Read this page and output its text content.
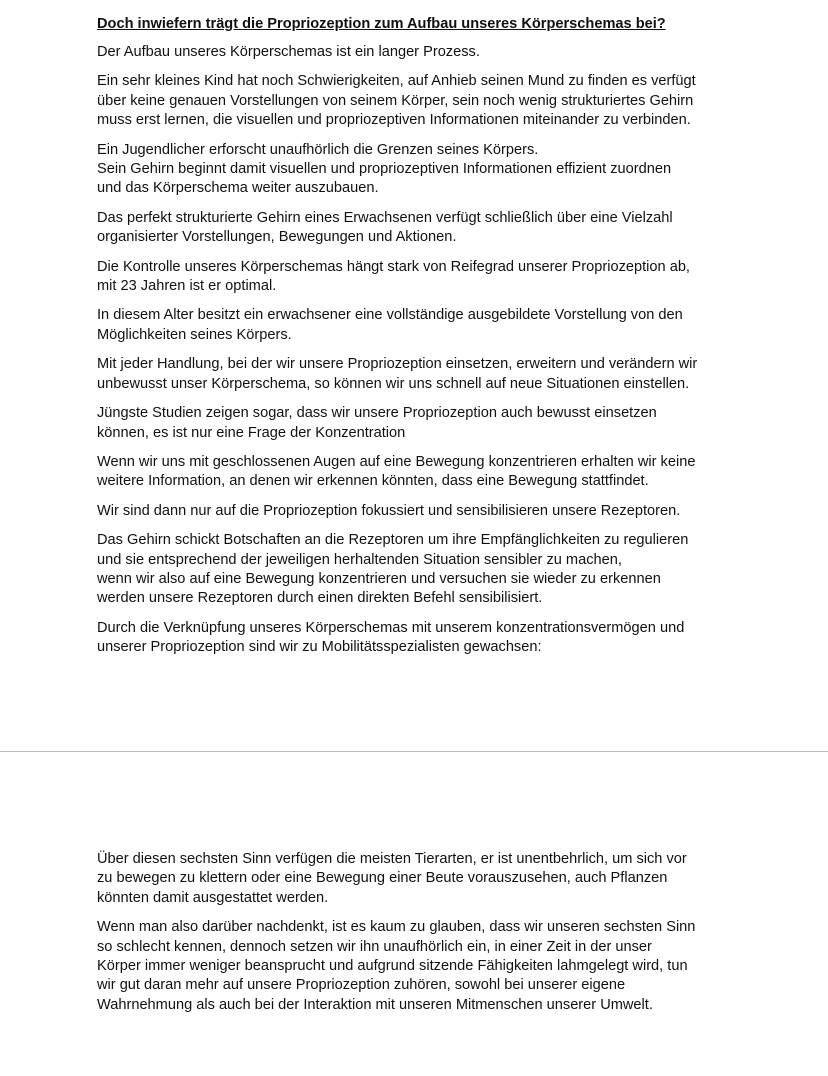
Doch inwiefern trägt die Propriozeption zum Aufbau unseres Körperschemas bei?
Der Aufbau unseres Körperschemas ist ein langer Prozess.
Ein sehr kleines Kind hat noch Schwierigkeiten, auf Anhieb seinen Mund zu finden es verfügt
über keine genauen Vorstellungen von seinem Körper, sein noch wenig strukturiertes Gehirn
muss erst lernen, die visuellen und propriozeptiven Informationen miteinander zu verbinden.
Ein Jugendlicher erforscht unaufhörlich die Grenzen seines Körpers.
Sein Gehirn beginnt damit visuellen und propriozeptiven Informationen effizient zuordnen
und das Körperschema weiter auszubauen.
Das perfekt strukturierte Gehirn eines Erwachsenen verfügt schließlich über eine Vielzahl
organisierter Vorstellungen, Bewegungen und Aktionen.
Die Kontrolle unseres Körperschemas hängt stark von Reifegrad unserer Propriozeption ab,
mit 23 Jahren ist er optimal.
In diesem Alter besitzt ein erwachsener eine vollständige ausgebildete Vorstellung von den
Möglichkeiten seines Körpers.
Mit jeder Handlung, bei der wir unsere Propriozeption einsetzen, erweitern und verändern wir
unbewusst unser Körperschema, so können wir uns schnell auf neue Situationen einstellen.
Jüngste Studien zeigen sogar, dass wir unsere Propriozeption auch bewusst einsetzen
können, es ist nur eine Frage der Konzentration
Wenn wir uns mit geschlossenen Augen auf eine Bewegung konzentrieren erhalten wir keine
weitere Information, an denen wir erkennen könnten, dass eine Bewegung stattfindet.
Wir sind dann nur auf die Propriozeption fokussiert und sensibilisieren unsere Rezeptoren.
Das Gehirn schickt Botschaften an die Rezeptoren um ihre Empfänglichkeiten zu regulieren
und sie entsprechend der jeweiligen herhaltenden Situation sensibler zu machen,
wenn wir also auf eine Bewegung konzentrieren und versuchen sie wieder zu erkennen
werden unsere Rezeptoren durch einen direkten Befehl sensibilisiert.
Durch die Verknüpfung unseres Körperschemas mit unserem konzentrationsvermögen und
unserer Propriozeption sind wir zu Mobilitätsspezialisten gewachsen:
Über diesen sechsten Sinn verfügen die meisten Tierarten, er ist unentbehrlich, um sich vor
zu bewegen zu klettern oder eine Bewegung einer Beute vorauszusehen, auch Pflanzen
könnten damit ausgestattet werden.
Wenn man also darüber nachdenkt, ist es kaum zu glauben, dass wir unseren sechsten Sinn
so schlecht kennen, dennoch setzen wir ihn unaufhörlich ein, in einer Zeit in der unser
Körper immer weniger beansprucht und aufgrund sitzende Fähigkeiten lahmgelegt wird, tun
wir gut daran mehr auf unsere Propriozeption zuhören, sowohl bei unserer eigene
Wahrnehmung als auch bei der Interaktion mit unseren Mitmenschen unserer Umwelt.
